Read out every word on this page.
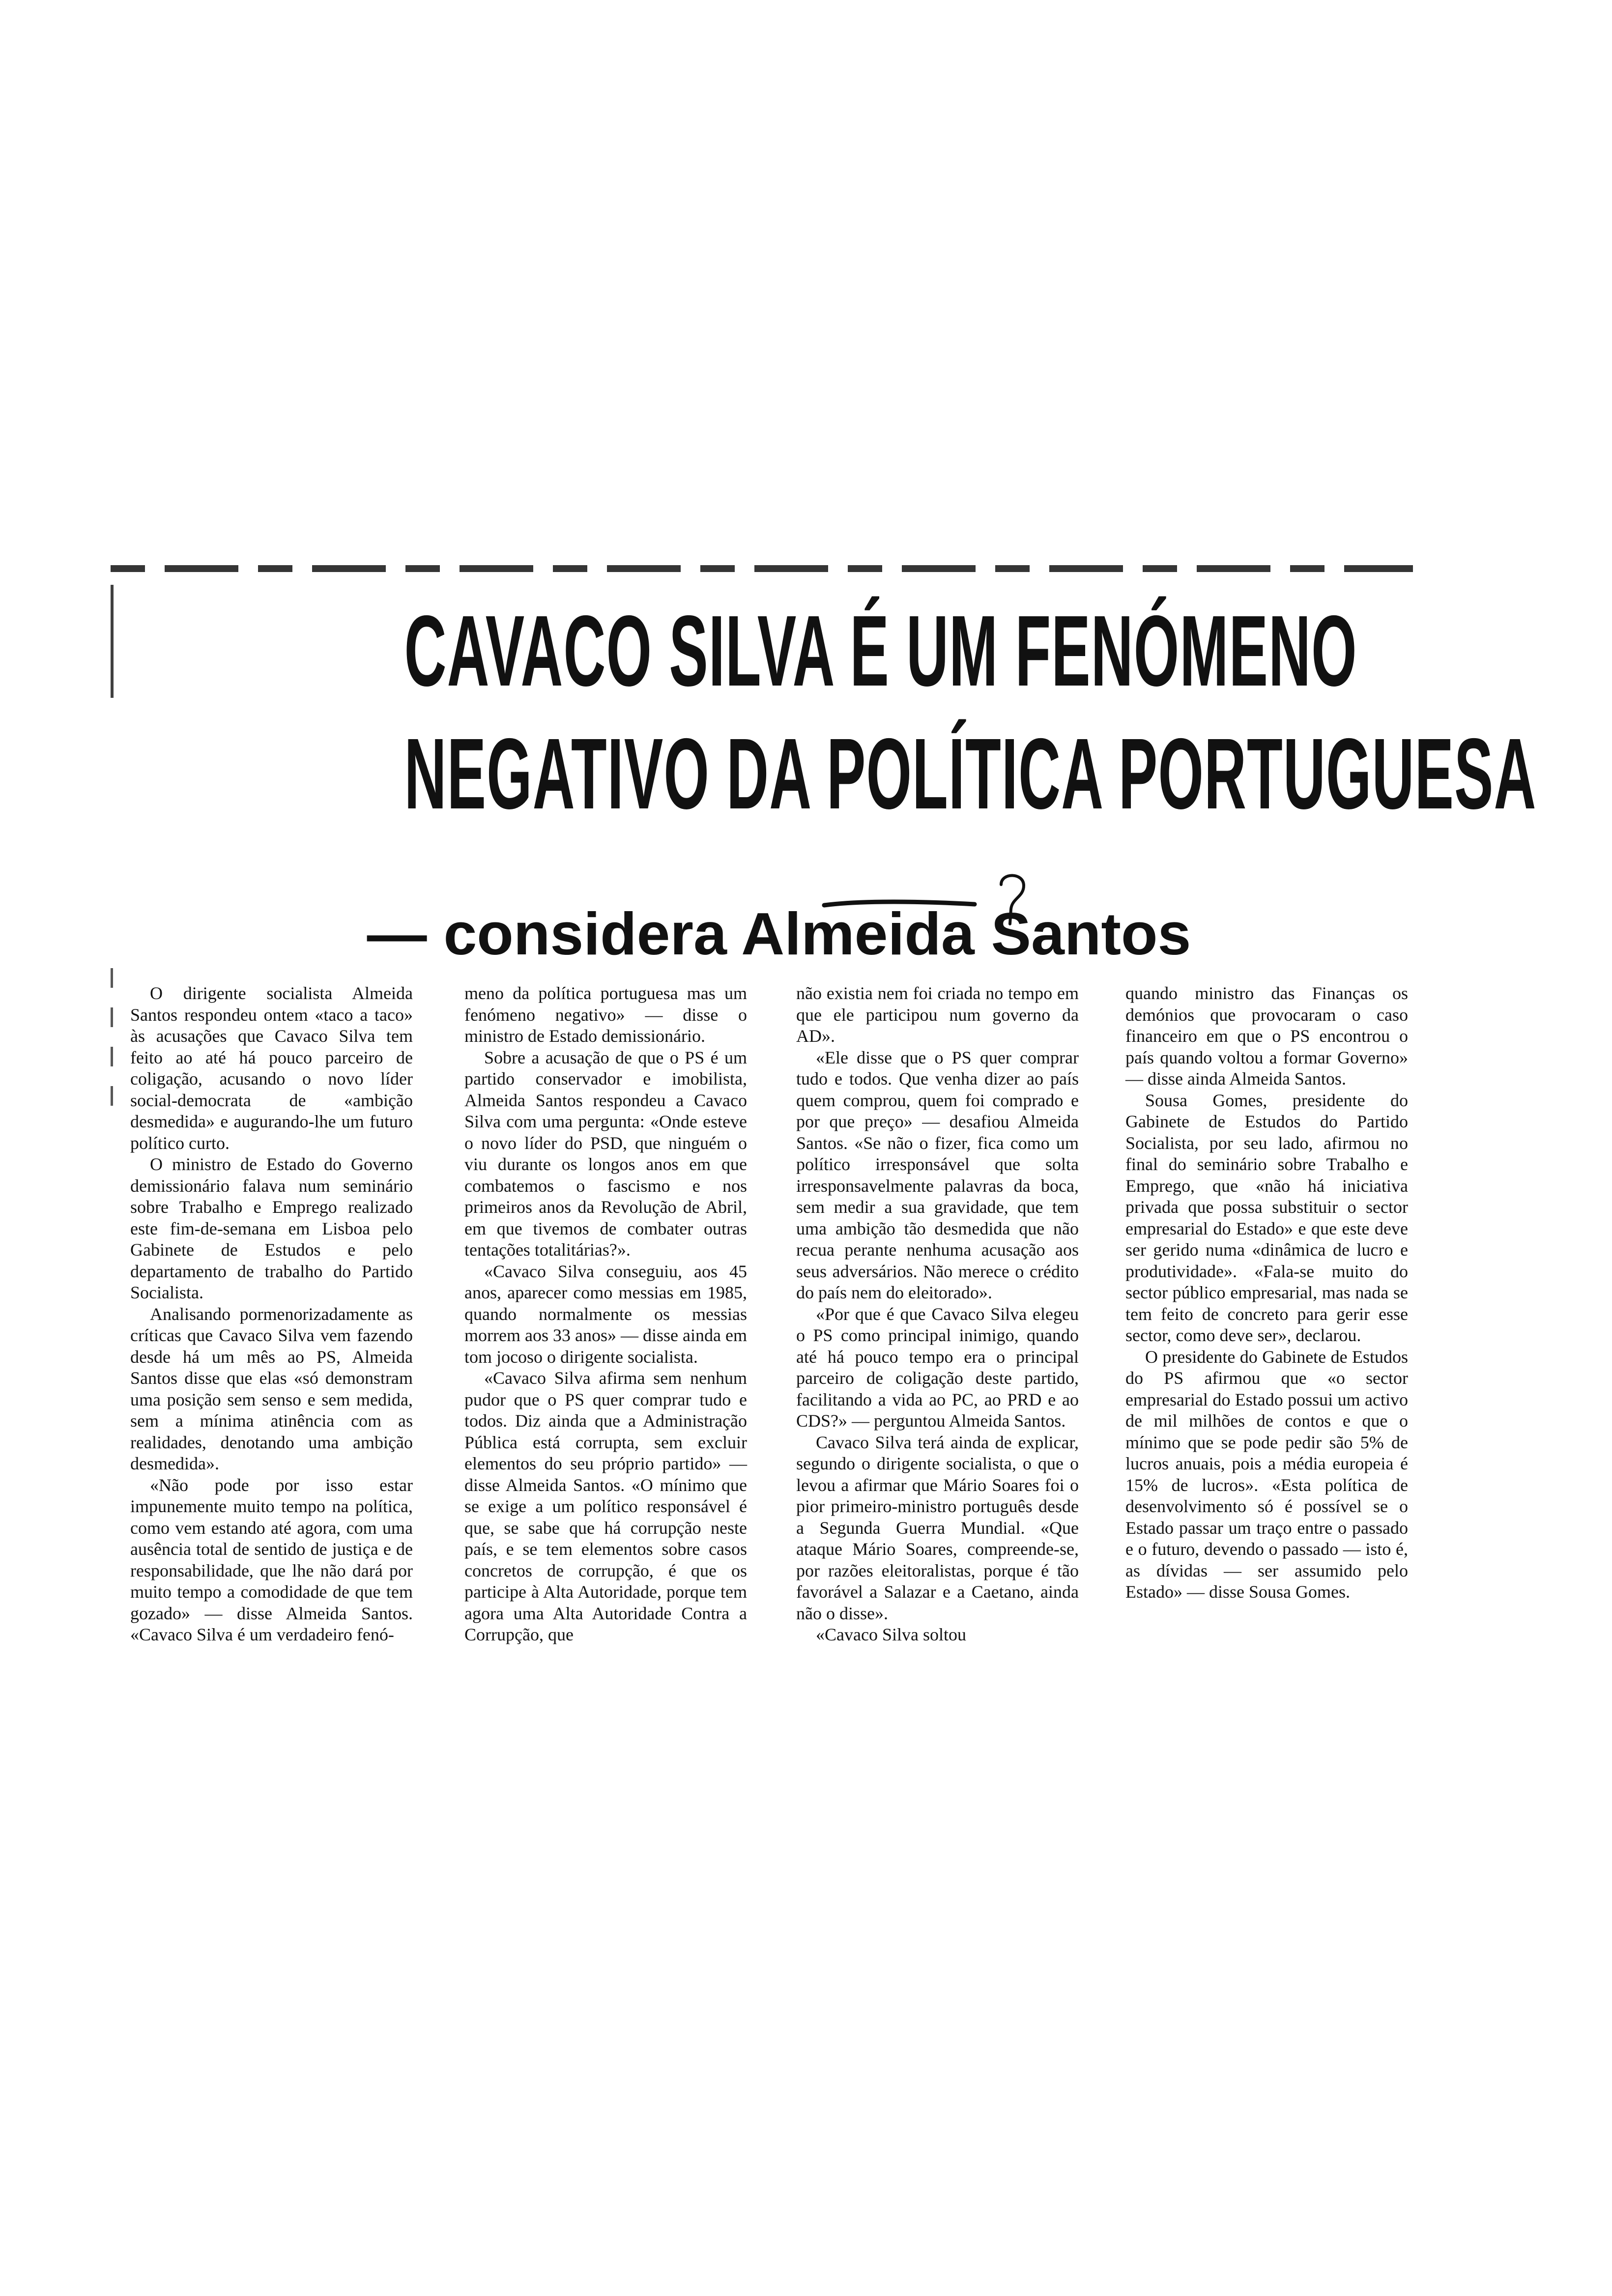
CAVACO SILVA É UM FENÓMENO
NEGATIVO DA POLÍTICA PORTUGUESA
— considera Almeida Santos

O dirigente socialista Almeida Santos respondeu ontem «taco a taco» às acusações que Cavaco Silva tem feito ao até há pouco parceiro de coligação, acusando o novo líder social-democrata de «ambição desmedida» e augurando-lhe um futuro político curto.

O ministro de Estado do Governo demissionário falava num seminário sobre Trabalho e Emprego realizado este fim-de-semana em Lisboa pelo Gabinete de Estudos e pelo departamento de trabalho do Partido Socialista.

Analisando pormenorizadamente as críticas que Cavaco Silva vem fazendo desde há um mês ao PS, Almeida Santos disse que elas «só demonstram uma posição sem senso e sem medida, sem a mínima atinência com as realidades, denotando uma ambição desmedida».

«Não pode por isso estar impunemente muito tempo na política, como vem estando até agora, com uma ausência total de sentido de justiça e de responsabilidade, que lhe não dará por muito tempo a comodidade de que tem gozado» — disse Almeida Santos. «Cavaco Silva é um verdadeiro fenó-

meno da política portuguesa mas um fenómeno negativo» — disse o ministro de Estado demissionário.

Sobre a acusação de que o PS é um partido conservador e imobilista, Almeida Santos respondeu a Cavaco Silva com uma pergunta: «Onde esteve o novo líder do PSD, que ninguém o viu durante os longos anos em que combatemos o fascismo e nos primeiros anos da Revolução de Abril, em que tivemos de combater outras tentações totalitárias?».

«Cavaco Silva conseguiu, aos 45 anos, aparecer como messias em 1985, quando normalmente os messias morrem aos 33 anos» — disse ainda em tom jocoso o dirigente socialista.

«Cavaco Silva afirma sem nenhum pudor que o PS quer comprar tudo e todos. Diz ainda que a Administração Pública está corrupta, sem excluir elementos do seu próprio partido» — disse Almeida Santos. «O mínimo que se exige a um político responsável é que, se sabe que há corrupção neste país, e se tem elementos sobre casos concretos de corrupção, é que os participe à Alta Autoridade, porque tem agora uma Alta Autoridade Contra a Corrupção, que

não existia nem foi criada no tempo em que ele participou num governo da AD».

«Ele disse que o PS quer comprar tudo e todos. Que venha dizer ao país quem comprou, quem foi comprado e por que preço» — desafiou Almeida Santos. «Se não o fizer, fica como um político irresponsável que solta irresponsavelmente palavras da boca, sem medir a sua gravidade, que tem uma ambição tão desmedida que não recua perante nenhuma acusação aos seus adversários. Não merece o crédito do país nem do eleitorado».

«Por que é que Cavaco Silva elegeu o PS como principal inimigo, quando até há pouco tempo era o principal parceiro de coligação deste partido, facilitando a vida ao PC, ao PRD e ao CDS?» — perguntou Almeida Santos.

Cavaco Silva terá ainda de explicar, segundo o dirigente socialista, o que o levou a afirmar que Mário Soares foi o pior primeiro-ministro português desde a Segunda Guerra Mundial. «Que ataque Mário Soares, compreende-se, por razões eleitoralistas, porque é tão favorável a Salazar e a Caetano, ainda não o disse».

«Cavaco Silva soltou

quando ministro das Finanças os demónios que provocaram o caso financeiro em que o PS encontrou o país quando voltou a formar Governo» — disse ainda Almeida Santos.

Sousa Gomes, presidente do Gabinete de Estudos do Partido Socialista, por seu lado, afirmou no final do seminário sobre Trabalho e Emprego, que «não há iniciativa privada que possa substituir o sector empresarial do Estado» e que este deve ser gerido numa «dinâmica de lucro e produtividade». «Fala-se muito do sector público empresarial, mas nada se tem feito de concreto para gerir esse sector, como deve ser», declarou.

O presidente do Gabinete de Estudos do PS afirmou que «o sector empresarial do Estado possui um activo de mil milhões de contos e que o mínimo que se pode pedir são 5% de lucros anuais, pois a média europeia é 15% de lucros». «Esta política de desenvolvimento só é possível se o Estado passar um traço entre o passado e o futuro, devendo o passado — isto é, as dívidas — ser assumido pelo Estado» — disse Sousa Gomes.
